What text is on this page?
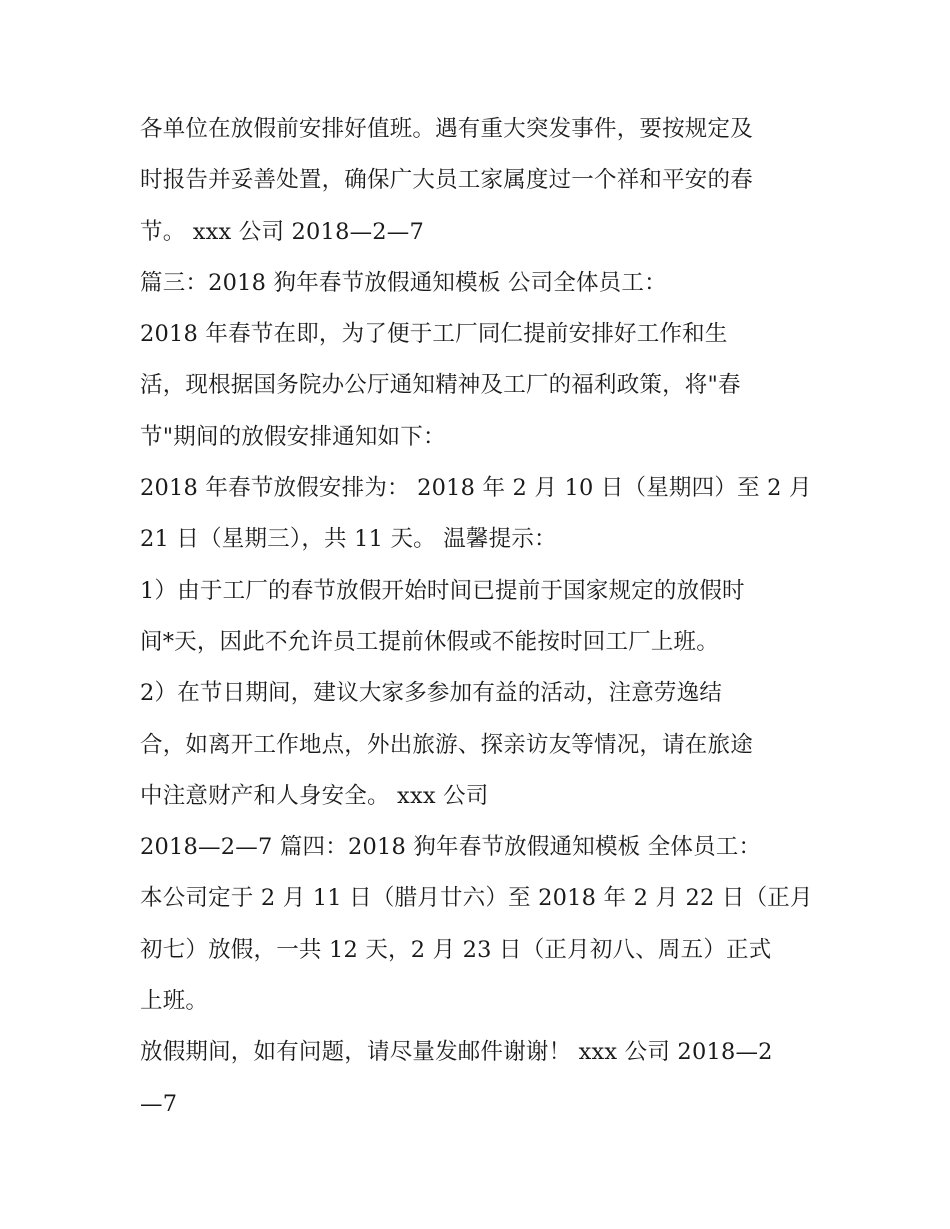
各单位在放假前安排好值班。遇有重大突发事件，要按规定及
时报告并妥善处置，确保广大员工家属度过一个祥和平安的春
节。 xxx 公司 2018—2—7
篇三：2018 狗年春节放假通知模板 公司全体员工：
2018 年春节在即，为了便于工厂同仁提前安排好工作和生
活，现根据国务院办公厅通知精神及工厂的福利政策，将"春
节"期间的放假安排通知如下：
2018 年春节放假安排为： 2018 年 2 月 10 日（星期四）至 2 月
21 日（星期三），共 11 天。 温馨提示：
1）由于工厂的春节放假开始时间已提前于国家规定的放假时
间*天，因此不允许员工提前休假或不能按时回工厂上班。
2）在节日期间，建议大家多参加有益的活动，注意劳逸结
合，如离开工作地点，外出旅游、探亲访友等情况，请在旅途
中注意财产和人身安全。 xxx 公司
2018—2—7 篇四：2018 狗年春节放假通知模板 全体员工：
本公司定于 2 月 11 日（腊月廿六）至 2018 年 2 月 22 日（正月
初七）放假，一共 12 天，2 月 23 日（正月初八、周五）正式
上班。
放假期间，如有问题，请尽量发邮件谢谢！ xxx 公司 2018—2
—7
